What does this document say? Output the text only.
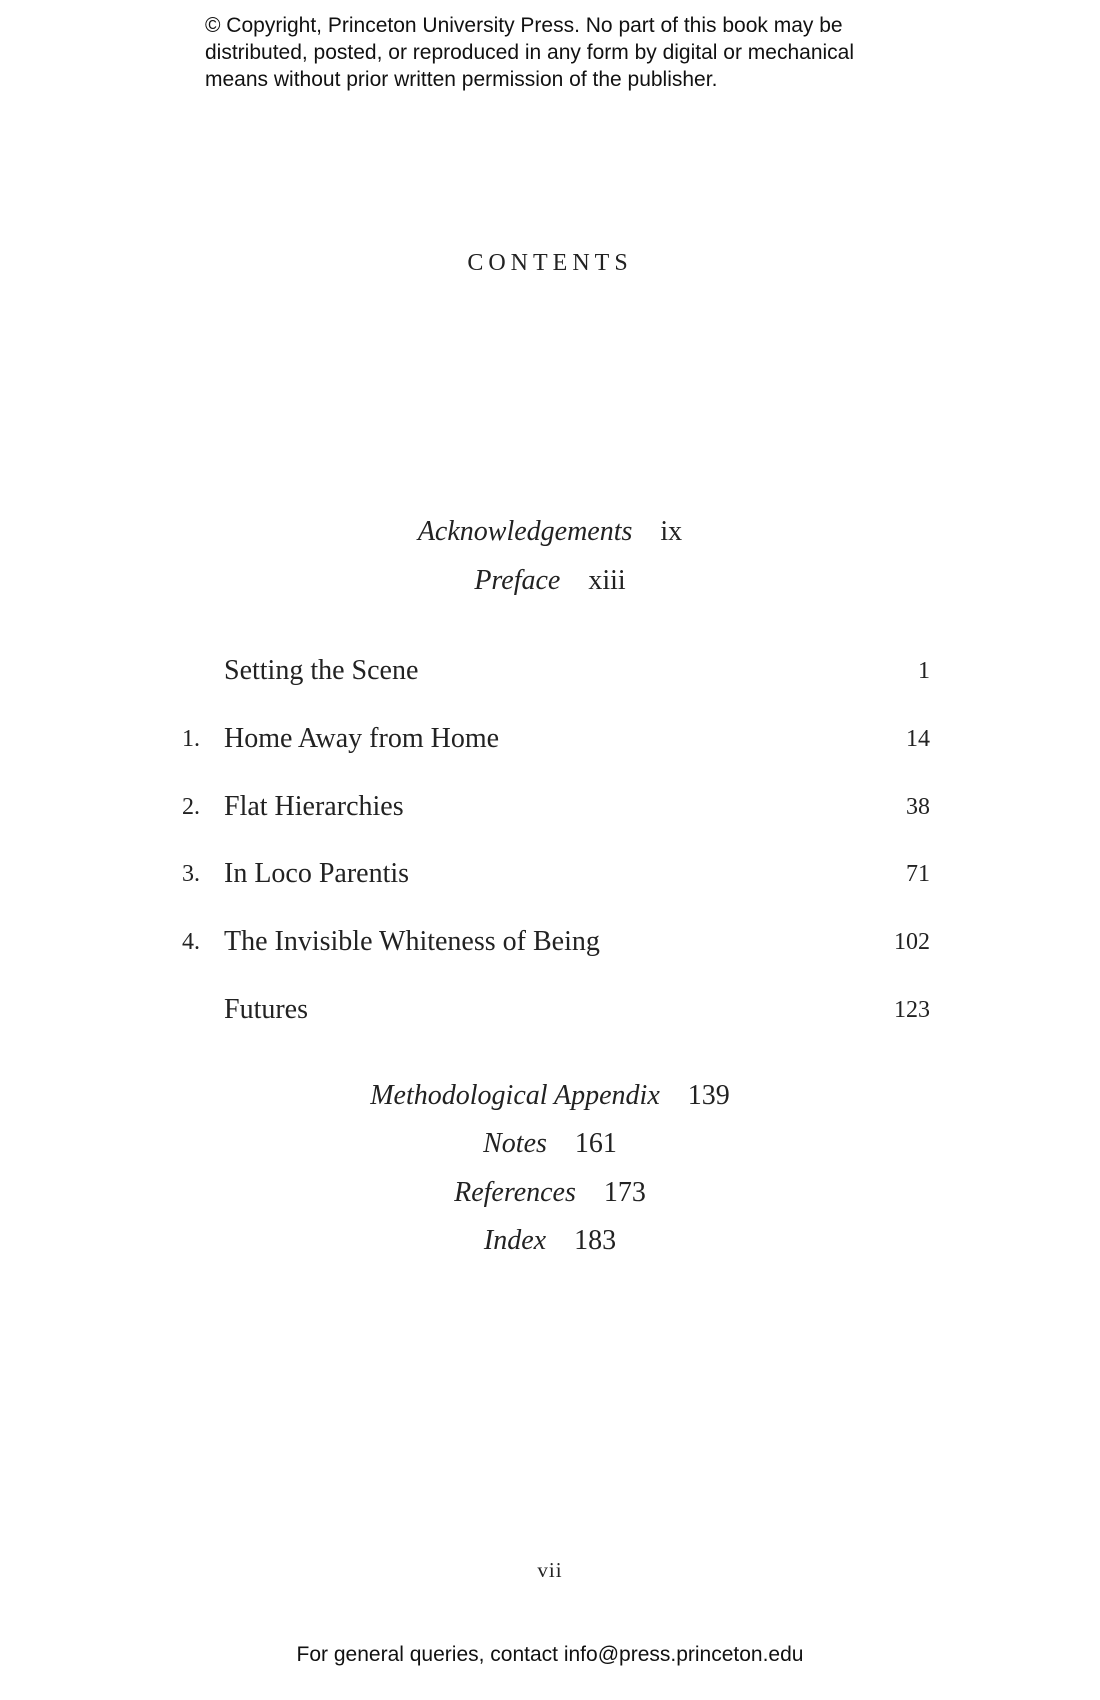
© Copyright, Princeton University Press. No part of this book may be
distributed, posted, or reproduced in any form by digital or mechanical
means without prior written permission of the publisher.
CONTENTS
Acknowledgements ix
Preface xiii
Setting the Scene	1
1. Home Away from Home	14
2. Flat Hierarchies	38
3. In Loco Parentis	71
4. The Invisible Whiteness of Being	102
Futures	123
Methodological Appendix 139
Notes 161
References 173
Index 183
vii
For general queries, contact info@press.princeton.edu
